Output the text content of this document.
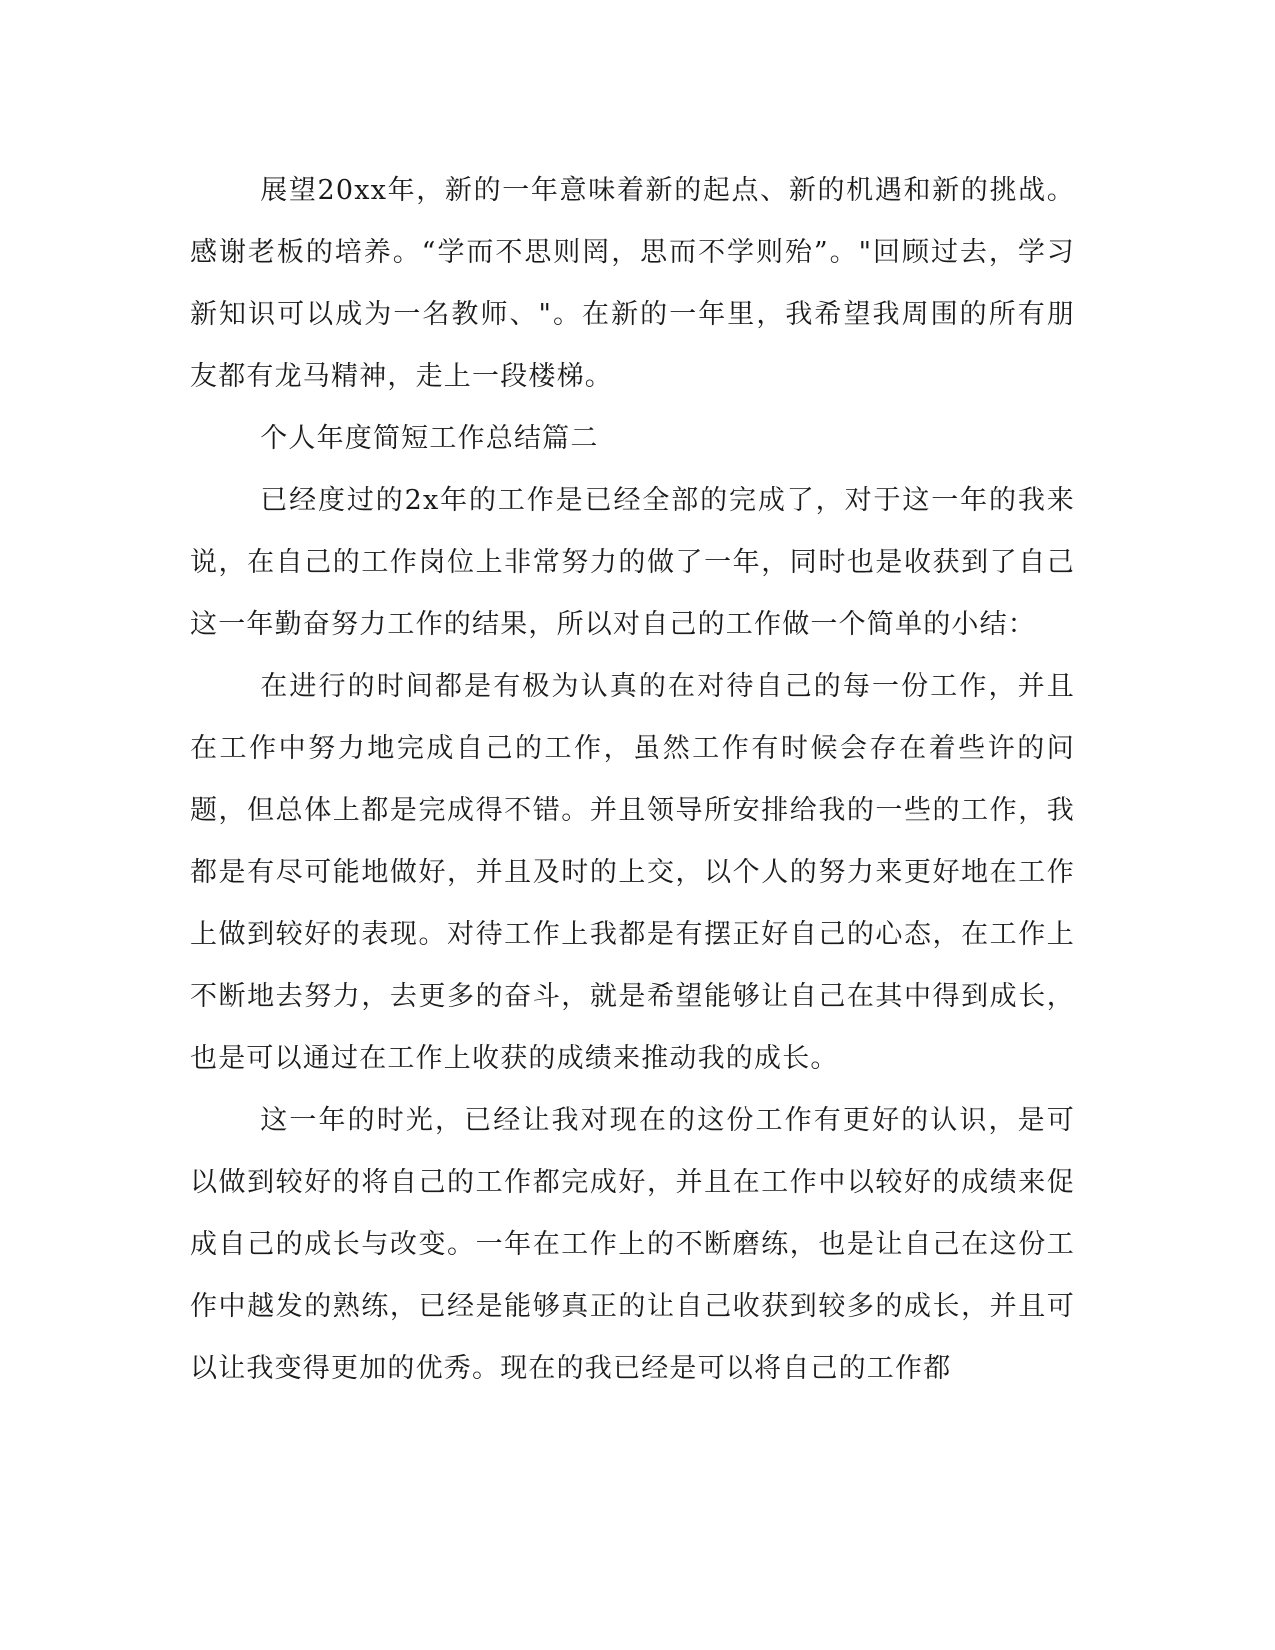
展望20xx年，新的一年意味着新的起点、新的机遇和新的挑战。感谢老板的培养。“学而不思则罔，思而不学则殆”。"回顾过去，学习新知识可以成为一名教师、"。在新的一年里，我希望我周围的所有朋友都有龙马精神，走上一段楼梯。

个人年度简短工作总结篇二

已经度过的2x年的工作是已经全部的完成了，对于这一年的我来说，在自己的工作岗位上非常努力的做了一年，同时也是收获到了自己这一年勤奋努力工作的结果，所以对自己的工作做一个简单的小结：

在进行的时间都是有极为认真的在对待自己的每一份工作，并且在工作中努力地完成自己的工作，虽然工作有时候会存在着些许的问题，但总体上都是完成得不错。并且领导所安排给我的一些的工作，我都是有尽可能地做好，并且及时的上交，以个人的努力来更好地在工作上做到较好的表现。对待工作上我都是有摆正好自己的心态，在工作上不断地去努力，去更多的奋斗，就是希望能够让自己在其中得到成长，也是可以通过在工作上收获的成绩来推动我的成长。

这一年的时光，已经让我对现在的这份工作有更好的认识，是可以做到较好的将自己的工作都完成好，并且在工作中以较好的成绩来促成自己的成长与改变。一年在工作上的不断磨练，也是让自己在这份工作中越发的熟练，已经是能够真正的让自己收获到较多的成长，并且可以让我变得更加的优秀。现在的我已经是可以将自己的工作都
